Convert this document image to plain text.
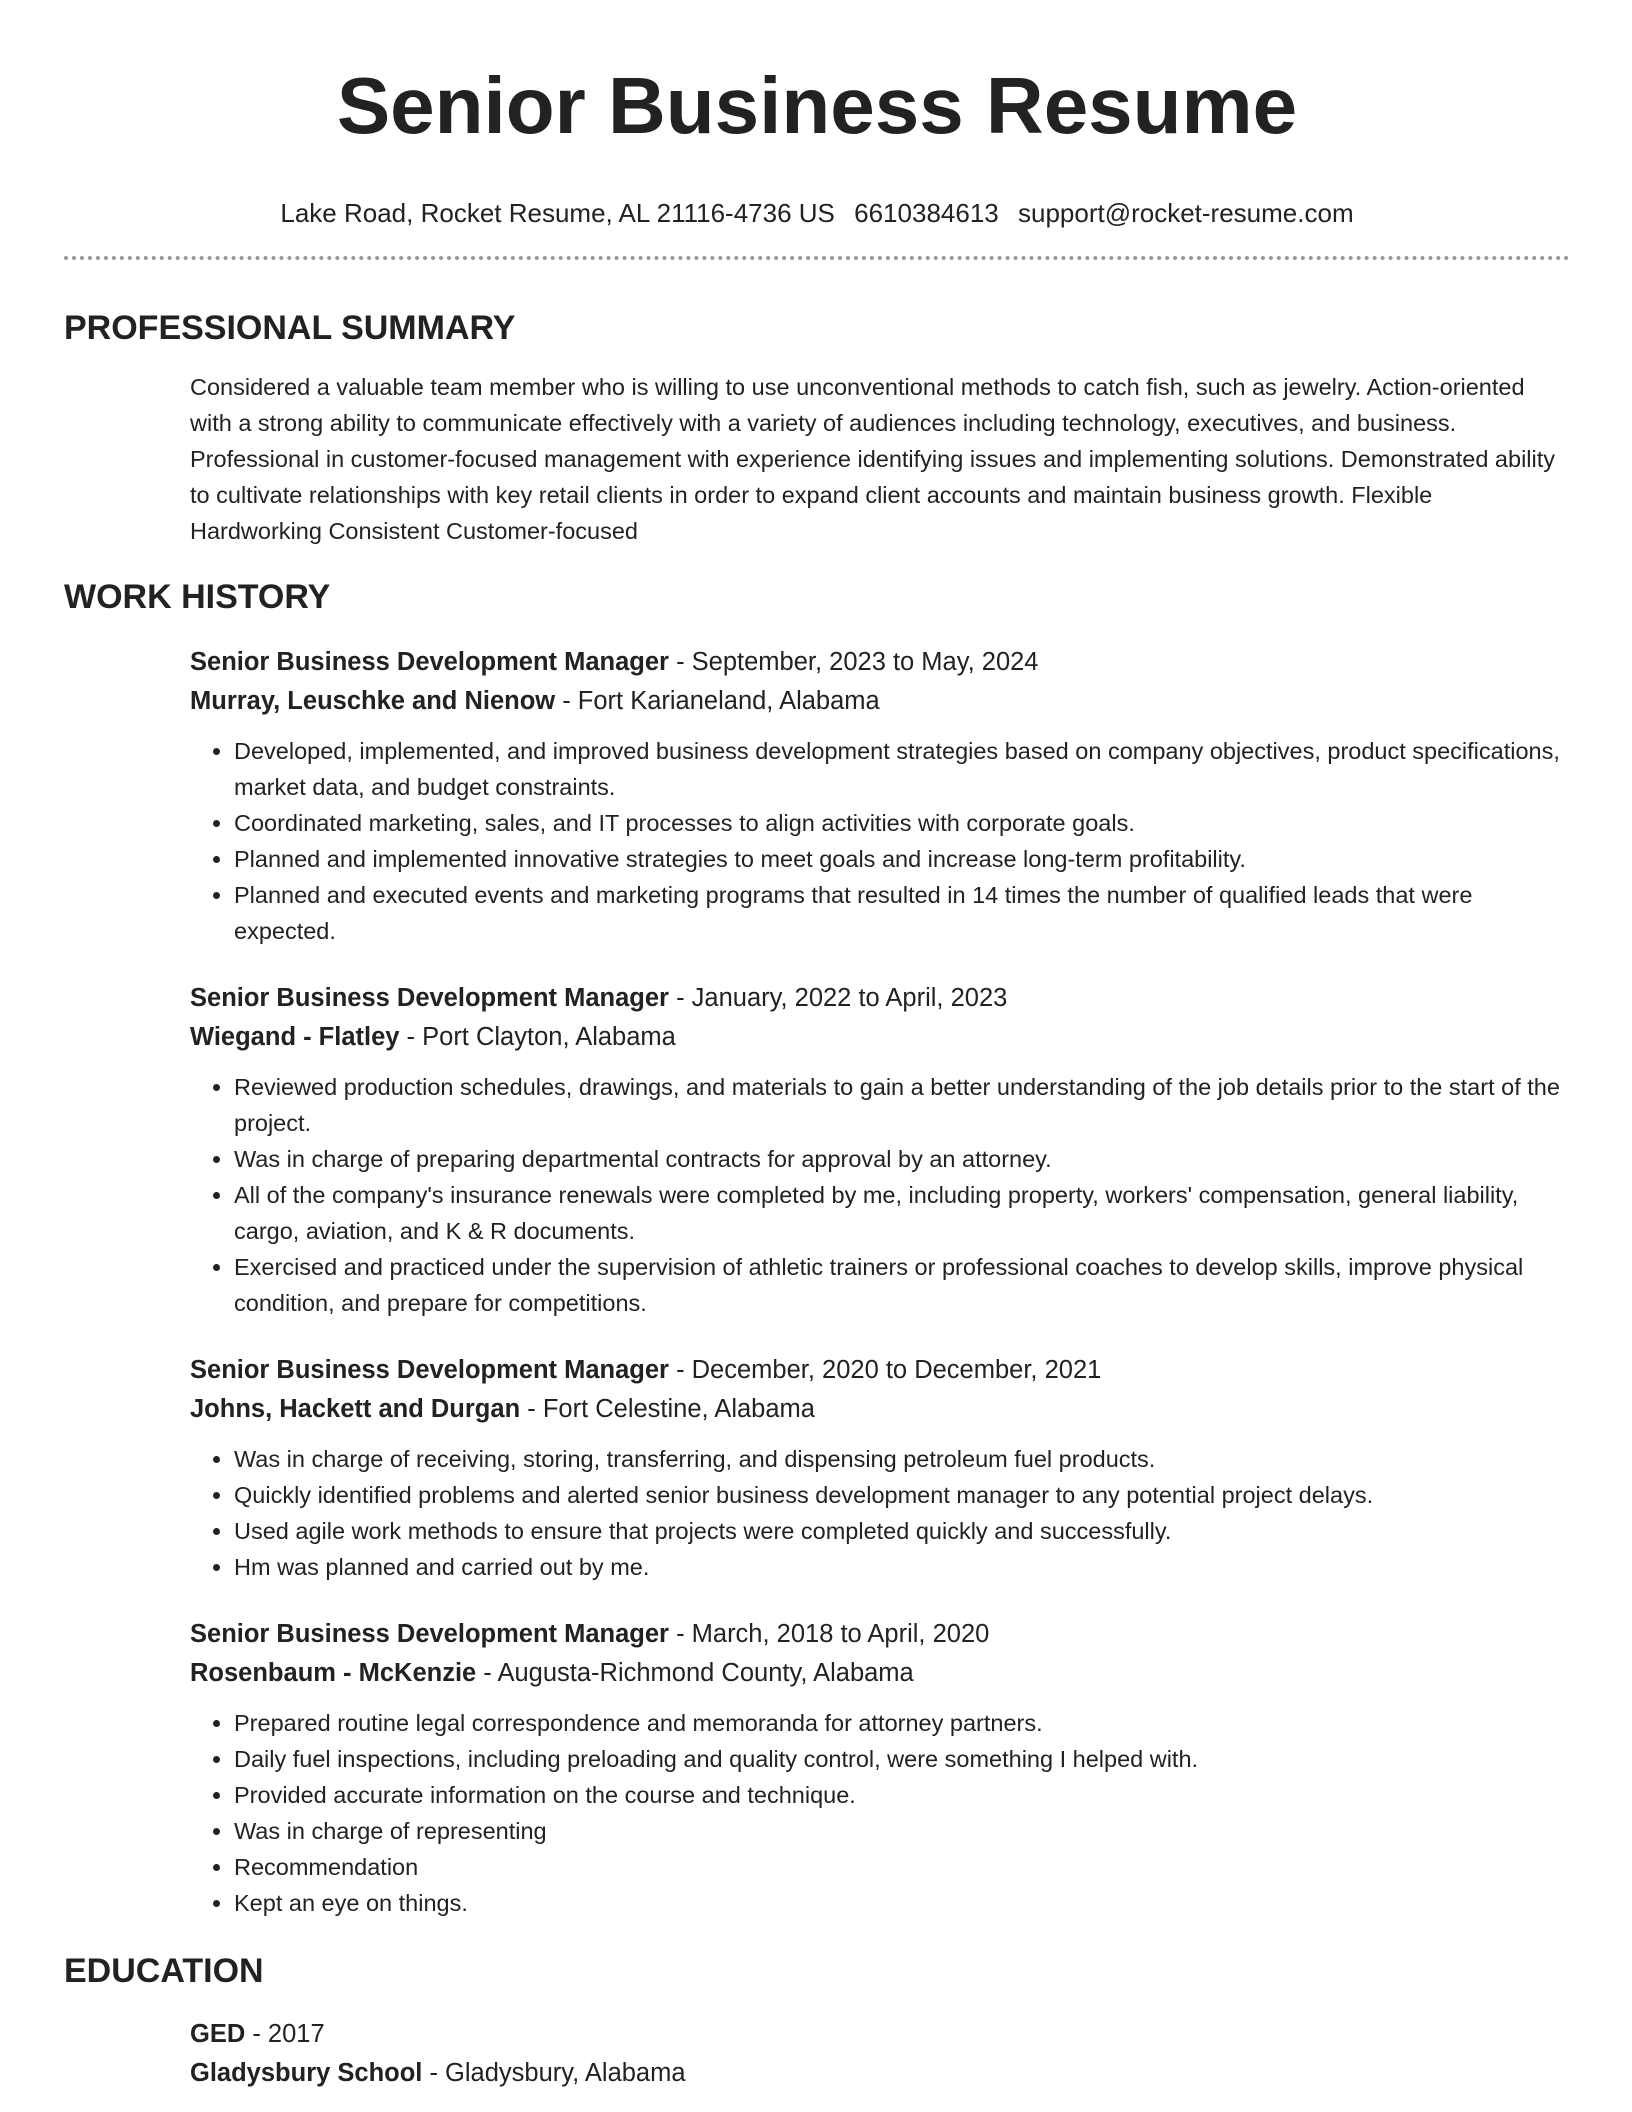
Senior Business Resume
Lake Road, Rocket Resume, AL 21116-4736 US 6610384613 support@rocket-resume.com
PROFESSIONAL SUMMARY

Considered a valuable team member who is willing to use unconventional methods to catch fish, such as jewelry. Action-oriented with a strong ability to communicate effectively with a variety of audiences including technology, executives, and business. Professional in customer-focused management with experience identifying issues and implementing solutions. Demonstrated ability to cultivate relationships with key retail clients in order to expand client accounts and maintain business growth. Flexible Hardworking Consistent Customer-focused

WORK HISTORY
Senior Business Development Manager - September, 2023 to May, 2024
Murray, Leuschke and Nienow - Fort Karianeland, Alabama
• Developed, implemented, and improved business development strategies based on company objectives, product specifications, market data, and budget constraints.
• Coordinated marketing, sales, and IT processes to align activities with corporate goals.
• Planned and implemented innovative strategies to meet goals and increase long-term profitability.
• Planned and executed events and marketing programs that resulted in 14 times the number of qualified leads that were expected.
Senior Business Development Manager - January, 2022 to April, 2023
Wiegand - Flatley - Port Clayton, Alabama
• Reviewed production schedules, drawings, and materials to gain a better understanding of the job details prior to the start of the project.
• Was in charge of preparing departmental contracts for approval by an attorney.
• All of the company's insurance renewals were completed by me, including property, workers' compensation, general liability, cargo, aviation, and K & R documents.
• Exercised and practiced under the supervision of athletic trainers or professional coaches to develop skills, improve physical condition, and prepare for competitions.
Senior Business Development Manager - December, 2020 to December, 2021
Johns, Hackett and Durgan - Fort Celestine, Alabama
• Was in charge of receiving, storing, transferring, and dispensing petroleum fuel products.
• Quickly identified problems and alerted senior business development manager to any potential project delays.
• Used agile work methods to ensure that projects were completed quickly and successfully.
• Hm was planned and carried out by me.
Senior Business Development Manager - March, 2018 to April, 2020
Rosenbaum - McKenzie - Augusta-Richmond County, Alabama
• Prepared routine legal correspondence and memoranda for attorney partners.
• Daily fuel inspections, including preloading and quality control, were something I helped with.
• Provided accurate information on the course and technique.
• Was in charge of representing
• Recommendation
• Kept an eye on things.
EDUCATION
GED - 2017
Gladysbury School - Gladysbury, Alabama
